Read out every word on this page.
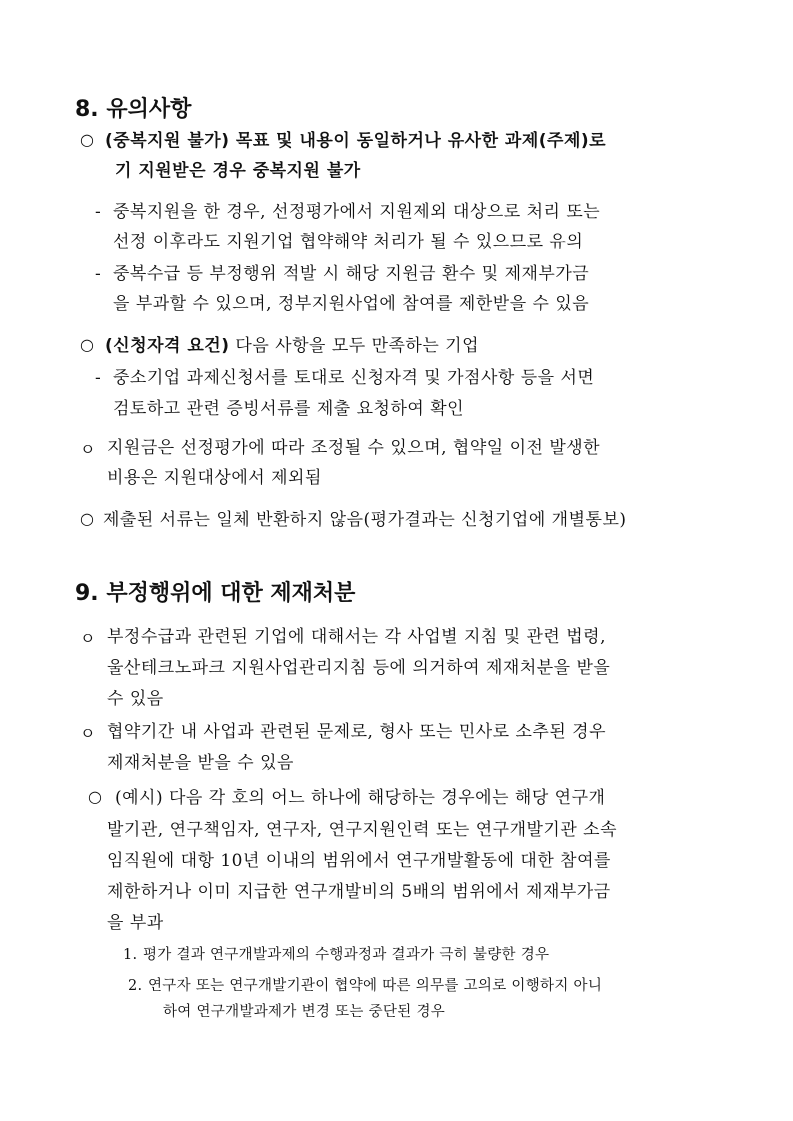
8. 유의사항
○ (중복지원 불가) 목표 및 내용이 동일하거나 유사한 과제(주제)로
기 지원받은 경우 중복지원 불가
- 중복지원을 한 경우, 선정평가에서 지원제외 대상으로 처리 또는
선정 이후라도 지원기업 협약해약 처리가 될 수 있으므로 유의
- 중복수급 등 부정행위 적발 시 해당 지원금 환수 및 제재부가금
을 부과할 수 있으며, 정부지원사업에 참여를 제한받을 수 있음
○ (신청자격 요건) 다음 사항을 모두 만족하는 기업
- 중소기업 과제신청서를 토대로 신청자격 및 가점사항 등을 서면
검토하고 관련 증빙서류를 제출 요청하여 확인
ㅇ 지원금은 선정평가에 따라 조정될 수 있으며, 협약일 이전 발생한
비용은 지원대상에서 제외됨
○ 제출된 서류는 일체 반환하지 않음(평가결과는 신청기업에 개별통보)
9. 부정행위에 대한 제재처분
ㅇ 부정수급과 관련된 기업에 대해서는 각 사업별 지침 및 관련 법령,
울산테크노파크 지원사업관리지침 등에 의거하여 제재처분을 받을
수 있음
ㅇ 협약기간 내 사업과 관련된 문제로, 형사 또는 민사로 소추된 경우
제재처분을 받을 수 있음
○ (예시) 다음 각 호의 어느 하나에 해당하는 경우에는 해당 연구개
발기관, 연구책임자, 연구자, 연구지원인력 또는 연구개발기관 소속
임직원에 대항 10년 이내의 범위에서 연구개발활동에 대한 참여를
제한하거나 이미 지급한 연구개발비의 5배의 범위에서 제재부가금
을 부과
1. 평가 결과 연구개발과제의 수행과정과 결과가 극히 불량한 경우
2. 연구자 또는 연구개발기관이 협약에 따른 의무를 고의로 이행하지 아니
하여 연구개발과제가 변경 또는 중단된 경우
